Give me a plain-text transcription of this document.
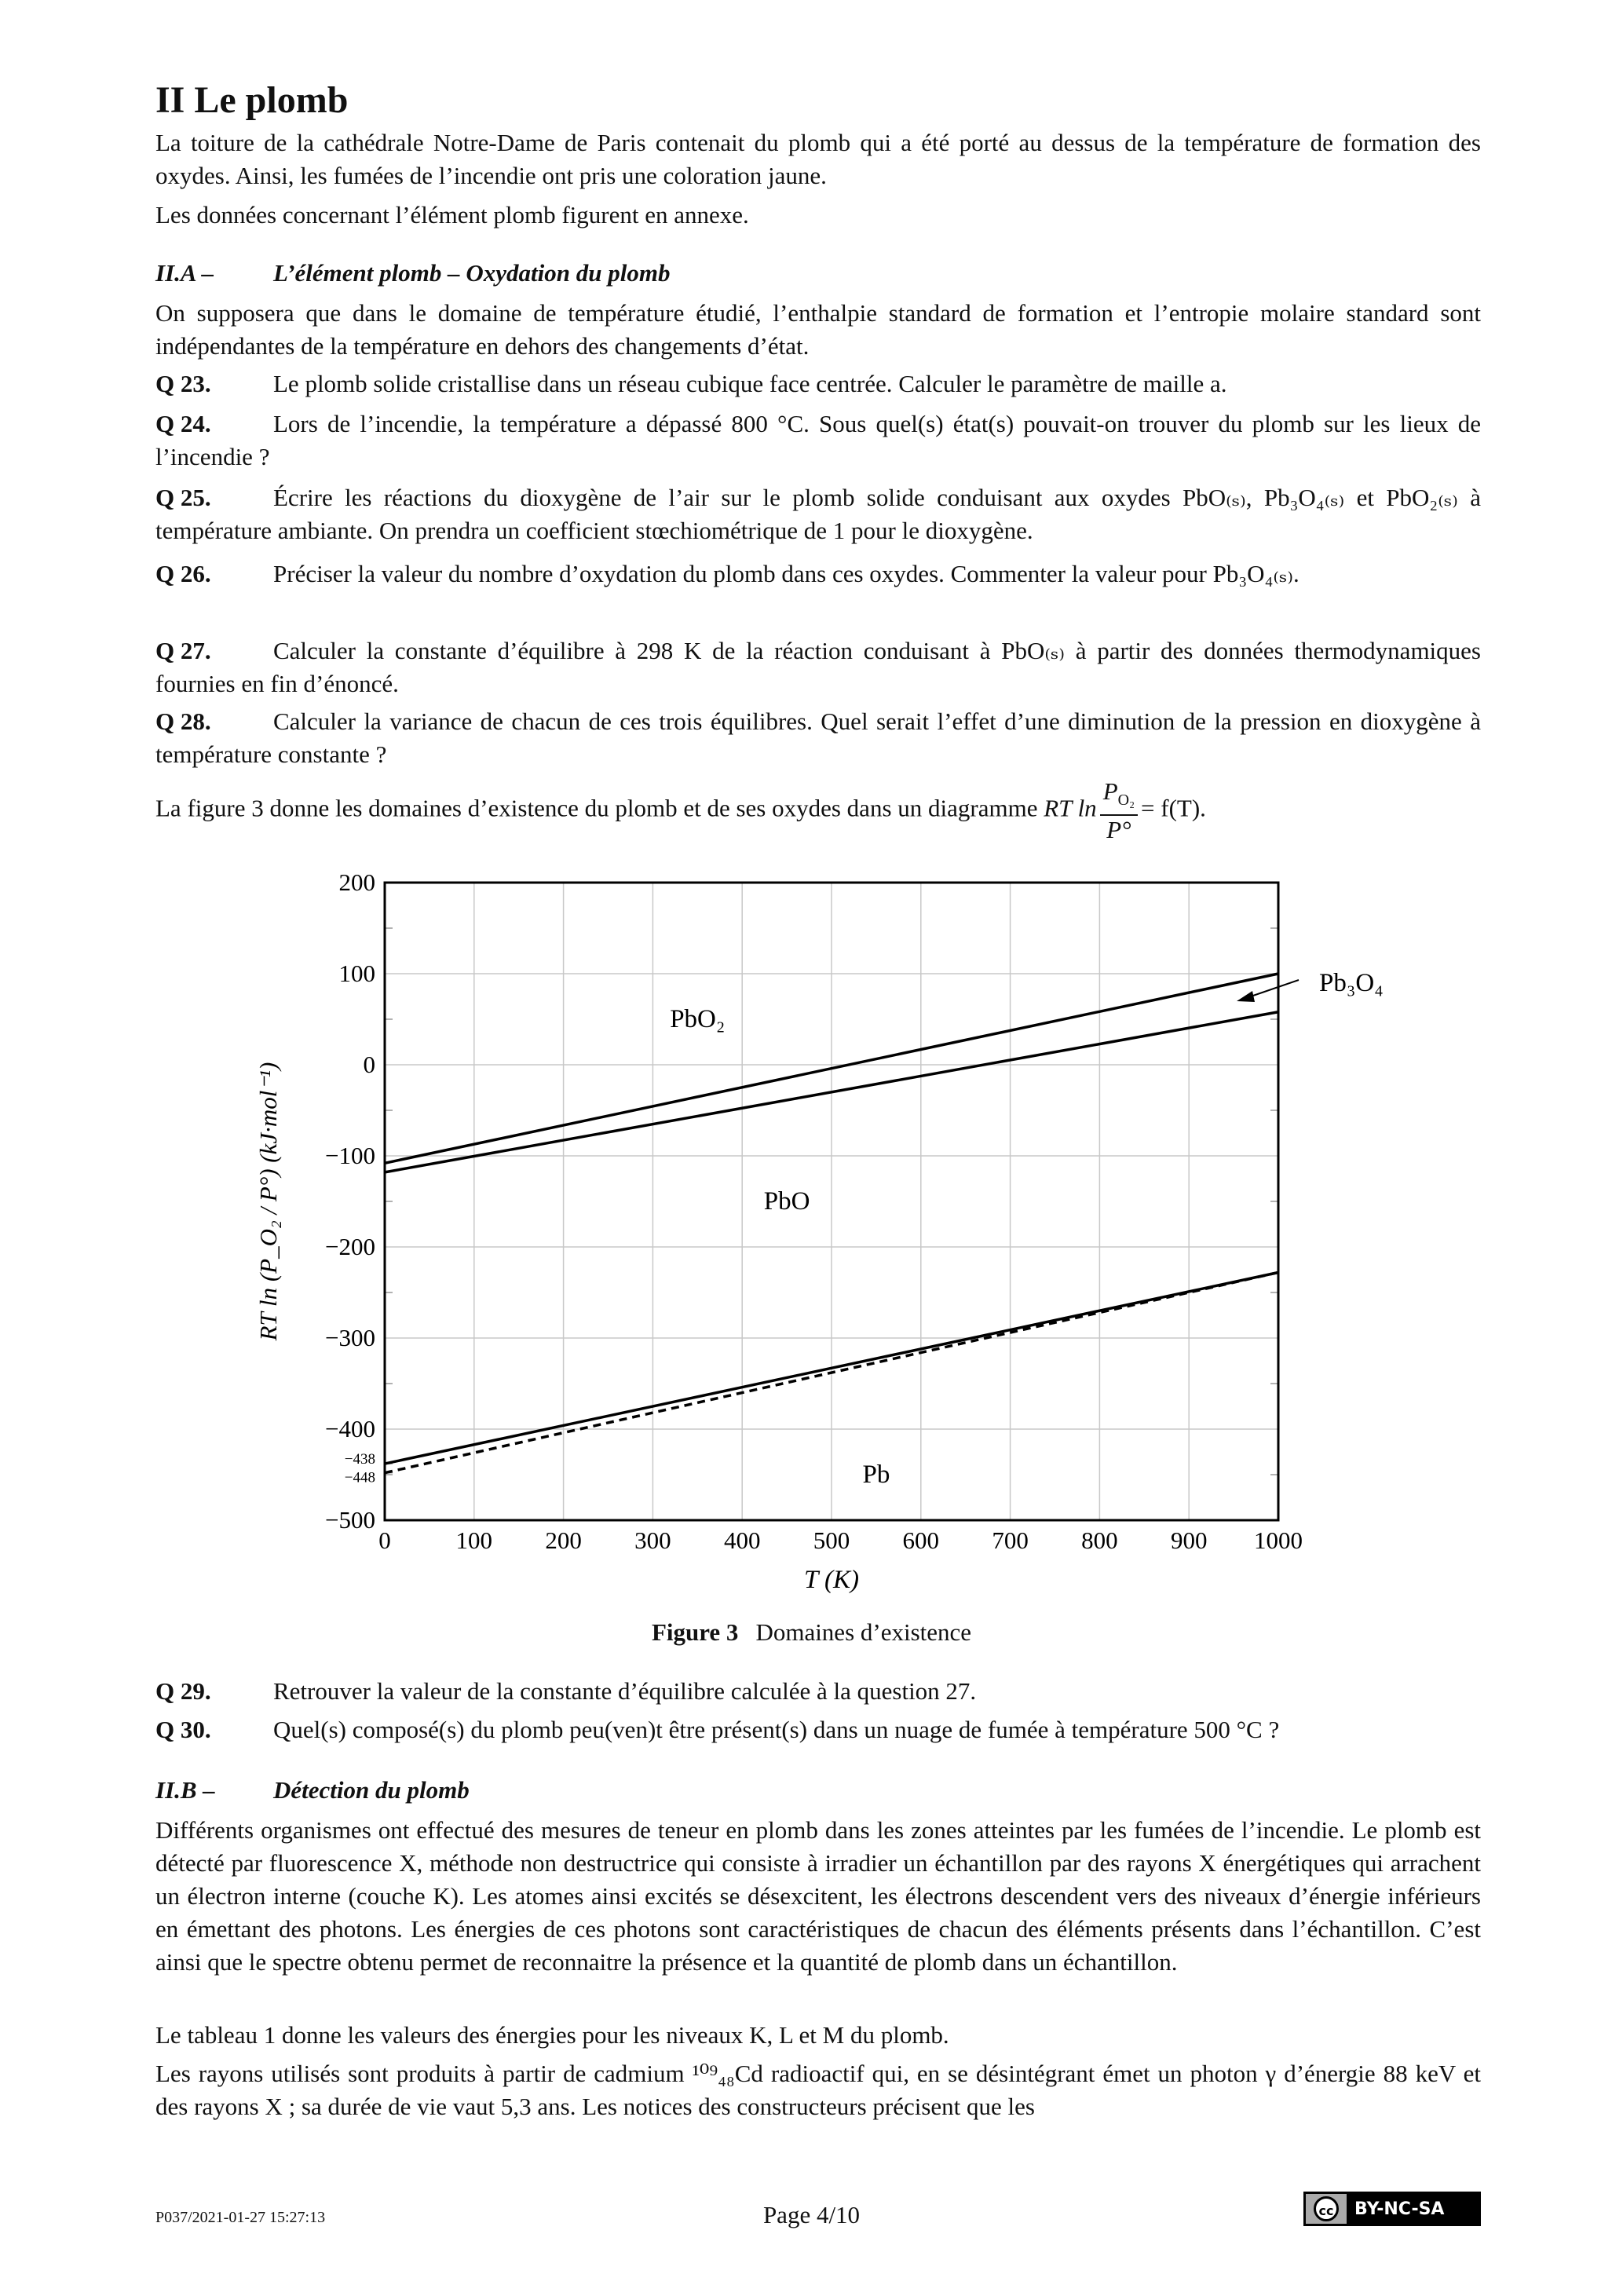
II Le plomb
La toiture de la cathédrale Notre-Dame de Paris contenait du plomb qui a été porté au dessus de la température de formation des oxydes. Ainsi, les fumées de l’incendie ont pris une coloration jaune.
Les données concernant l’élément plomb figurent en annexe.
II.A – L’élément plomb – Oxydation du plomb
On supposera que dans le domaine de température étudié, l’enthalpie standard de formation et l’entropie molaire standard sont indépendantes de la température en dehors des changements d’état.
Q 23.	Le plomb solide cristallise dans un réseau cubique face centrée. Calculer le paramètre de maille a.
Q 24.	Lors de l’incendie, la température a dépassé 800 °C. Sous quel(s) état(s) pouvait-on trouver du plomb sur les lieux de l’incendie ?
Q 25.	Écrire les réactions du dioxygène de l’air sur le plomb solide conduisant aux oxydes PbO₍ₛ₎, Pb₃O₄₍ₛ₎ et PbO₂₍ₛ₎ à température ambiante. On prendra un coefficient stœchiométrique de 1 pour le dioxygène.
Q 26.	Préciser la valeur du nombre d’oxydation du plomb dans ces oxydes. Commenter la valeur pour Pb₃O₄₍ₛ₎.
Q 27.	Calculer la constante d’équilibre à 298 K de la réaction conduisant à PbO₍ₛ₎ à partir des données thermodynamiques fournies en fin d’énoncé.
Q 28.	Calculer la variance de chacun de ces trois équilibres. Quel serait l’effet d’une diminution de la pression en dioxygène à température constante ?
La figure 3 donne les domaines d’existence du plomb et de ses oxydes dans un diagramme RT $\ln \frac{P_{O_2}}{P^\circ} = f(T)$.
0	100 200 300 400 500 600 700 800 900 1000
200
100
0
−100
−200
−300
−400
−500
−438
−448
PbO₂
PbO
Pb
Pb₃O₄
T (K)
RT ln (P_O₂ / P°) (kJ·mol⁻¹)
Figure 3 Domaines d’existence
Q 29.	Retrouver la valeur de la constante d’équilibre calculée à la question 27.
Q 30.	Quel(s) composé(s) du plomb peu(ven)t être présent(s) dans un nuage de fumée à température 500 °C ?
II.B – Détection du plomb
Différents organismes ont effectué des mesures de teneur en plomb dans les zones atteintes par les fumées de l’incendie. Le plomb est détecté par fluorescence X, méthode non destructrice qui consiste à irradier un échantillon par des rayons X énergétiques qui arrachent un électron interne (couche K). Les atomes ainsi excités se désexcitent, les électrons descendent vers des niveaux d’énergie inférieurs en émettant des photons. Les énergies de ces photons sont caractéristiques de chacun des éléments présents dans l’échantillon. C’est ainsi que le spectre obtenu permet de reconnaitre la présence et la quantité de plomb dans un échantillon.
Le tableau 1 donne les valeurs des énergies pour les niveaux K, L et M du plomb.
Les rayons utilisés sont produits à partir de cadmium ¹⁰⁹₄₈Cd radioactif qui, en se désintégrant émet un photon γ d’énergie 88 keV et des rayons X ; sa durée de vie vaut 5,3 ans. Les notices des constructeurs précisent que les
P037/2021-01-27 15:27:13	Page 4/10	cc	BY-NC-SA
